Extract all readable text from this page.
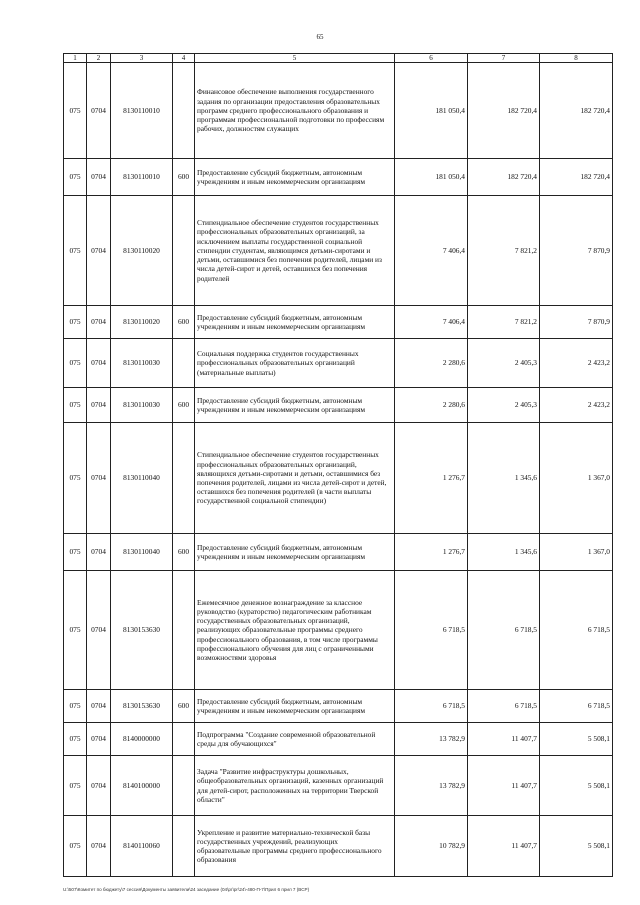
65
1	2	3	4	5	6	7	8
075	0704	8130110010		Финансовое обеспечение выполнения государственного задания по организации предоставления образовательных программ среднего профессионального образования и программам профессиональной подготовки по профессиям рабочих, должностям служащих	181 050,4	182 720,4	182 720,4
075	0704	8130110010	600	Предоставление субсидий бюджетным, автономным учреждениям и иным некоммерческим организациям	181 050,4	182 720,4	182 720,4
075	0704	8130110020		Стипендиальное обеспечение студентов государственных профессиональных образовательных организаций, за исключением выплаты государственной социальной стипендии студентам, являющимся детьми-сиротами и детьми, оставшимися без попечения родителей, лицами из числа детей-сирот и детей, оставшихся без попечения родителей	7 406,4	7 821,2	7 870,9
075	0704	8130110020	600	Предоставление субсидий бюджетным, автономным учреждениям и иным некоммерческим организациям	7 406,4	7 821,2	7 870,9
075	0704	8130110030		Социальная поддержка студентов государственных профессиональных образовательных организаций (материальные выплаты)	2 280,6	2 405,3	2 423,2
075	0704	8130110030	600	Предоставление субсидий бюджетным, автономным учреждениям и иным некоммерческим организациям	2 280,6	2 405,3	2 423,2
075	0704	8130110040		Стипендиальное обеспечение студентов государственных профессиональных образовательных организаций, являющихся детьми-сиротами и детьми, оставшимися без попечения родителей, лицами из числа детей-сирот и детей, оставшихся без попечения родителей (в части выплаты государственной социальной стипендии)	1 276,7	1 345,6	1 367,0
075	0704	8130110040	600	Предоставление субсидий бюджетным, автономным учреждениям и иным некоммерческим организациям	1 276,7	1 345,6	1 367,0
075	0704	8130153630		Ежемесячное денежное вознаграждение за классное руководство (кураторство) педагогическим работникам государственных образовательных организаций, реализующих образовательные программы среднего профессионального образования, в том числе программы профессионального обучения для лиц с ограниченными возможностями здоровья	6 718,5	6 718,5	6 718,5
075	0704	8130153630	600	Предоставление субсидий бюджетным, автономным учреждениям и иным некоммерческим организациям	6 718,5	6 718,5	6 718,5
075	0704	8140000000		Подпрограмма "Создание современной образовательной среды для обучающихся"	13 782,9	11 407,7	5 508,1
075	0704	8140100000		Задача "Развитие инфраструктуры дошкольных, общеобразовательных организаций, казенных организаций для детей-сирот, расположенных на территории Тверской области"	13 782,9	11 407,7	5 508,1
075	0704	8140110060		Укрепление и развитие материально-технической базы государственных учреждений, реализующих образовательные программы среднего профессионального образования	10 782,9	11 407,7	5 508,1
U:\507\Комитет по бюджету\7 сессия\Документы заявители\24 заседание (04\рг\рг\24\-480-П-7\Прил 6 прил 7 (ВСР)
